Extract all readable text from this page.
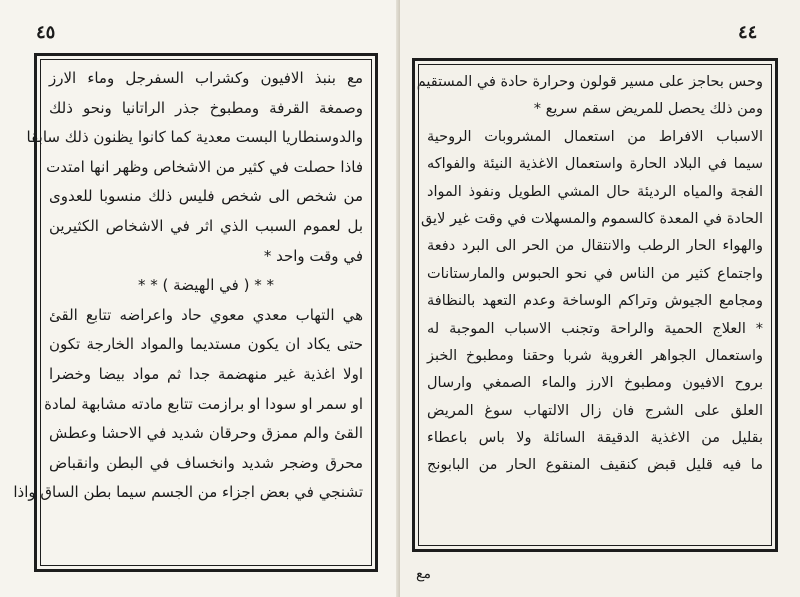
٤٥
مع بنبذ الافيون وكشراب السفرجل وماء الارز
وصمغة القرفة ومطبوخ جذر الراتانيا ونحو ذلك
والدوسنطاريا البست معدية كما كانوا يظنون ذلك سابقا
فاذا حصلت في كثير من الاشخاص وظهر انها امتدت
من شخص الى شخص فليس ذلك منسوبا للعدوى
بل لعموم السبب الذي اثر في الاشخاص الكثيرين
في وقت واحد *
* * ( في الهيضة ) * *
هي التهاب معدي معوي حاد واعراضه تتابع القئ
حتى يكاد ان يكون مستديما والمواد الخارجة تكون
اولا اغذية غير منهضمة جدا ثم مواد بيضا وخضرا
او سمر او سودا او برازمت تتابع مادته مشابهة لمادة
القئ والم ممزق وحرقان شديد في الاحشا وعطش
محرق وضجر شديد وانخساف في البطن وانقباض
تشنجي في بعض اجزاء من الجسم سيما بطن الساق واذا
٤٤
وحس بحاجز على مسير قولون وحرارة حادة في المستقيم
ومن ذلك يحصل للمريض سقم سريع *
الاسباب الافراط من استعمال المشروبات الروحية
سيما في البلاد الحارة واستعمال الاغذية النيئة والفواكه
الفجة والمياه الرديئة حال المشي الطويل ونفوذ المواد
الحادة في المعدة كالسموم والمسهلات في وقت غير لايق
والهواء الحار الرطب والانتقال من الحر الى البرد دفعة
واجتماع كثير من الناس في نحو الحبوس والمارستانات
ومجامع الجيوش وتراكم الوساخة وعدم التعهد بالنظافة
* العلاج الحمية والراحة وتجنب الاسباب الموجبة له
واستعمال الجواهر الغروية شربا وحقنا ومطبوخ الخبز
بروح الافيون ومطبوخ الارز والماء الصمغي وارسال
العلق على الشرج فان زال الالتهاب سوغ المريض
بقليل من الاغذية الدقيقة السائلة ولا باس باعطاء
ما فيه قليل قبض كنقيف المنقوع الحار من البابونج
مع
